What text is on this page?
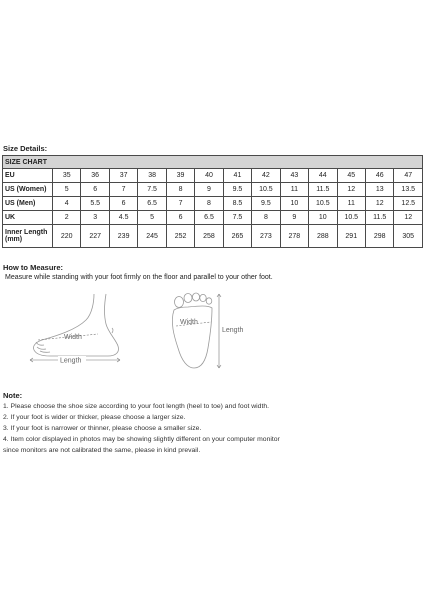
Size Details:
SIZE CHART													
EU	35	36	37	38	39	40	41	42	43	44	45	46	47
US (Women)	5	6	7	7.5	8	9	9.5	10.5	11	11.5	12	13	13.5
US (Men)	4	5.5	6	6.5	7	8	8.5	9.5	10	10.5	11	12	12.5
UK	2	3	4.5	5	6	6.5	7.5	8	9	10	10.5	11.5	12
Inner Length (mm)	220	227	239	245	252	258	265	273	278	288	291	298	305
How to Measure:
Measure while standing with your foot firmly on the floor and parallel to your other foot.
Width
Length
Width
Length
Note:
1. Please choose the shoe size according to your foot length (heel to toe) and foot width.
2. If your foot is wider or thicker, please choose a larger size.
3. If your foot is narrower or thinner, please choose a smaller size.
4. Item color displayed in photos may be showing slightly different on your computer monitor
since monitors are not calibrated the same, please in kind prevail.
